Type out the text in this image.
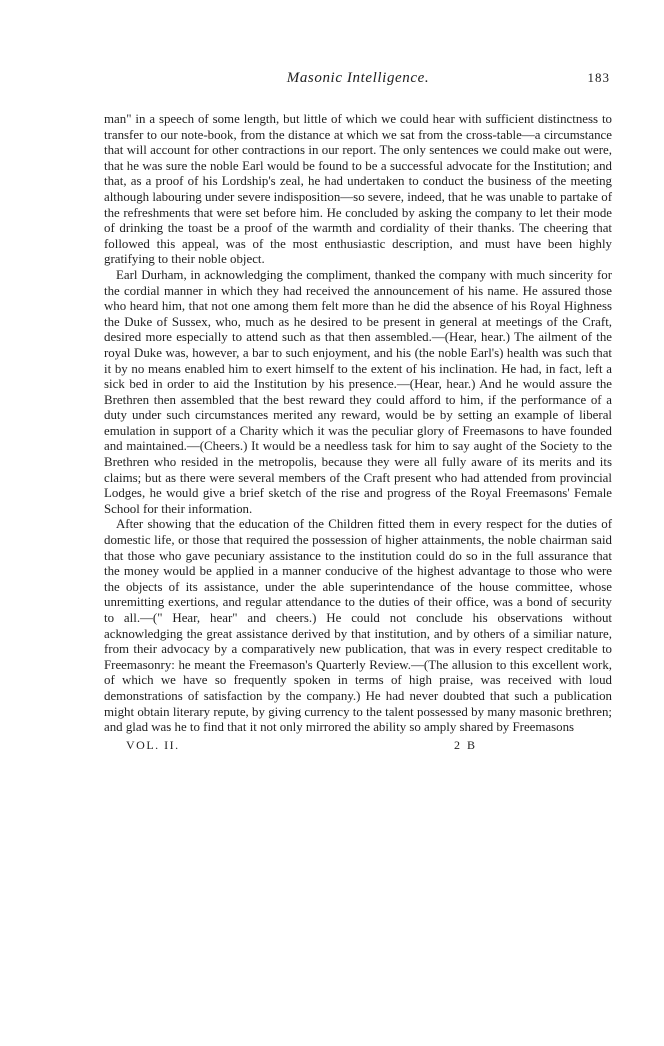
Masonic Intelligence.	183

man" in a speech of some length, but little of which we could hear with sufficient distinctness to transfer to our note-book, from the distance at which we sat from the cross-table—a circumstance that will account for other contractions in our report. The only sentences we could make out were, that he was sure the noble Earl would be found to be a successful advocate for the Institution; and that, as a proof of his Lordship's zeal, he had undertaken to conduct the business of the meeting although labouring under severe indisposition—so severe, indeed, that he was unable to partake of the refreshments that were set before him. He concluded by asking the company to let their mode of drinking the toast be a proof of the warmth and cordiality of their thanks. The cheering that followed this appeal, was of the most enthusiastic description, and must have been highly gratifying to their noble object.

Earl Durham, in acknowledging the compliment, thanked the company with much sincerity for the cordial manner in which they had received the announcement of his name. He assured those who heard him, that not one among them felt more than he did the absence of his Royal Highness the Duke of Sussex, who, much as he desired to be present in general at meetings of the Craft, desired more especially to attend such as that then assembled.—(Hear, hear.) The ailment of the royal Duke was, however, a bar to such enjoyment, and his (the noble Earl's) health was such that it by no means enabled him to exert himself to the extent of his inclination. He had, in fact, left a sick bed in order to aid the Institution by his presence.—(Hear, hear.) And he would assure the Brethren then assembled that the best reward they could afford to him, if the performance of a duty under such circumstances merited any reward, would be by setting an example of liberal emulation in support of a Charity which it was the peculiar glory of Freemasons to have founded and maintained.—(Cheers.) It would be a needless task for him to say aught of the Society to the Brethren who resided in the metropolis, because they were all fully aware of its merits and its claims; but as there were several members of the Craft present who had attended from provincial Lodges, he would give a brief sketch of the rise and progress of the Royal Freemasons' Female School for their information.

After showing that the education of the Children fitted them in every respect for the duties of domestic life, or those that required the possession of higher attainments, the noble chairman said that those who gave pecuniary assistance to the institution could do so in the full assurance that the money would be applied in a manner conducive of the highest advantage to those who were the objects of its assistance, under the able superintendance of the house committee, whose unremitting exertions, and regular attendance to the duties of their office, was a bond of security to all.—(" Hear, hear" and cheers.) He could not conclude his observations without acknowledging the great assistance derived by that institution, and by others of a similiar nature, from their advocacy by a comparatively new publication, that was in every respect creditable to Freemasonry: he meant the Freemason's Quarterly Review.—(The allusion to this excellent work, of which we have so frequently spoken in terms of high praise, was received with loud demonstrations of satisfaction by the company.) He had never doubted that such a publication might obtain literary repute, by giving currency to the talent possessed by many masonic brethren; and glad was he to find that it not only mirrored the ability so amply shared by Freemasons

VOL. II.	2 B
